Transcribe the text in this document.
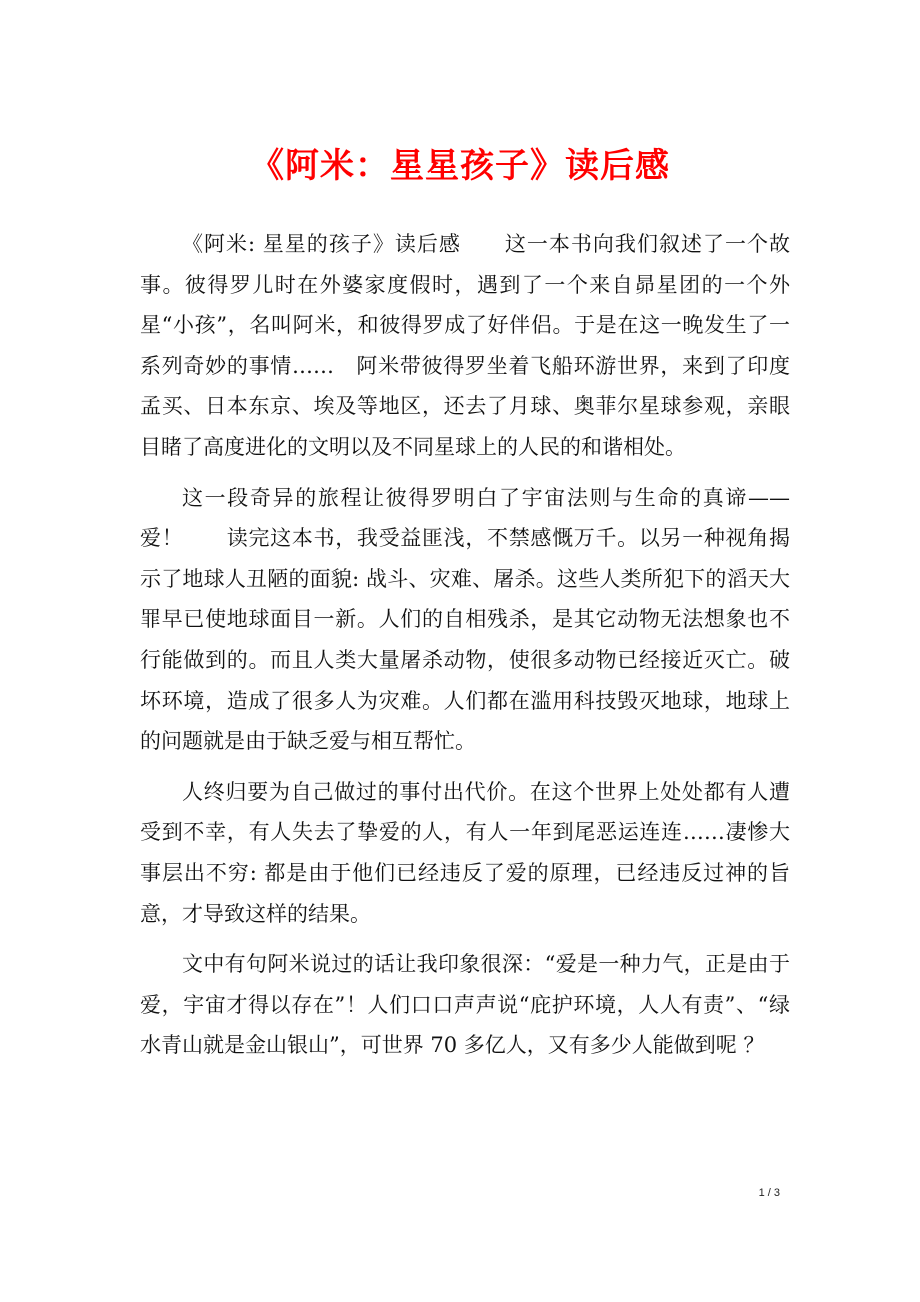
《阿米：星星孩子》读后感

《阿米: 星星的孩子》读后感　　这一本书向我们叙述了一个故事。彼得罗儿时在外婆家度假时，遇到了一个来自昴星团的一个外星“小孩”，名叫阿米，和彼得罗成了好伴侣。于是在这一晚发生了一系列奇妙的事情……　阿米带彼得罗坐着飞船环游世界，来到了印度孟买、日本东京、埃及等地区，还去了月球、奥菲尔星球参观，亲眼目睹了高度进化的文明以及不同星球上的人民的和谐相处。

这一段奇异的旅程让彼得罗明白了宇宙法则与生命的真谛——爱！　　读完这本书，我受益匪浅，不禁感慨万千。以另一种视角揭示了地球人丑陋的面貌: 战斗、灾难、屠杀。这些人类所犯下的滔天大罪早已使地球面目一新。人们的自相残杀，是其它动物无法想象也不行能做到的。而且人类大量屠杀动物，使很多动物已经接近灭亡。破坏环境，造成了很多人为灾难。人们都在滥用科技毁灭地球，地球上的问题就是由于缺乏爱与相互帮忙。

人终归要为自己做过的事付出代价。在这个世界上处处都有人遭受到不幸，有人失去了挚爱的人，有人一年到尾恶运连连……凄惨大事层出不穷: 都是由于他们已经违反了爱的原理，已经违反过神的旨意，才导致这样的结果。

文中有句阿米说过的话让我印象很深：“爱是一种力气，正是由于爱，宇宙才得以存在”！人们口口声声说“庇护环境，人人有责”、“绿水青山就是金山银山”，可世界 70 多亿人，又有多少人能做到呢 ？

1 / 3
